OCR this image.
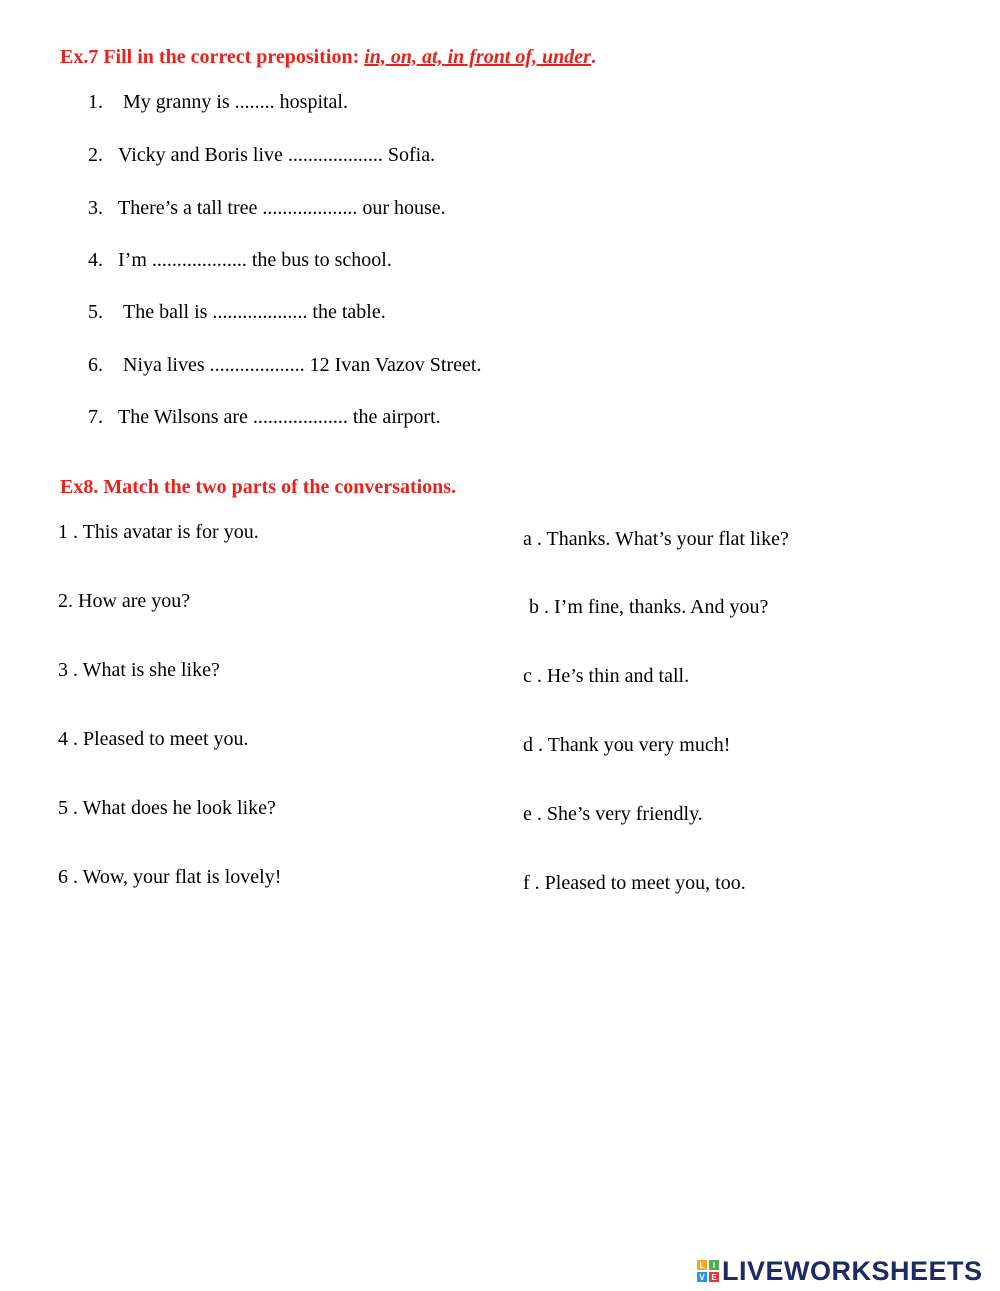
Ex.7 Fill in the correct preposition: in, on, at, in front of, under.

1. My granny is ........ hospital.

2. Vicky and Boris live ................... Sofia.

3. There’s a tall tree ................... our house.

4. I’m ................... the bus to school.

5. The ball is ................... the table.

6. Niya lives ................... 12 Ivan Vazov Street.

7. The Wilsons are ................... the airport.

Ex8. Match the two parts of the conversations.

1 . This avatar is for you.

2. How are you?

3 . What is she like?

4 . Pleased to meet you.

5 . What does he look like?

6 . Wow, your flat is lovely!

a . Thanks. What’s your flat like?

b . I’m fine, thanks. And you?

c . He’s thin and tall.

d . Thank you very much!

e . She’s very friendly.

f . Pleased to meet you, too.

L	I
V E LIVEWORKSHEETS
